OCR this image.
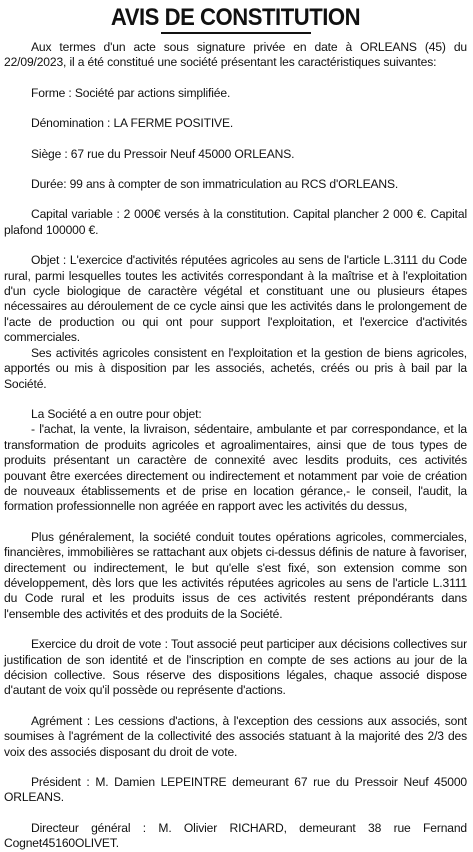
AVIS DE CONSTITUTION

Aux termes d'un acte sous signature privée en date à ORLEANS (45) du 22/09/2023, il a été constitué une société présentant les caractéristiques suivantes:

Forme : Société par actions simplifiée.

Dénomination : LA FERME POSITIVE.

Siège : 67 rue du Pressoir Neuf 45000 ORLEANS.

Durée: 99 ans à compter de son immatriculation au RCS d'ORLEANS.

Capital variable : 2 000€ versés à la constitution. Capital plancher 2 000 €. Capital plafond 100000 €.

Objet : L'exercice d'activités réputées agricoles au sens de l'article L.3111 du Code rural, parmi lesquelles toutes les activités correspondant à la maîtrise et à l'exploitation d'un cycle biologique de caractère végétal et constituant une ou plusieurs étapes nécessaires au déroulement de ce cycle ainsi que les activités dans le prolongement de l'acte de production ou qui ont pour support l'exploitation, et l'exercice d'activités commerciales.

Ses activités agricoles consistent en l'exploitation et la gestion de biens agricoles, apportés ou mis à disposition par les associés, achetés, créés ou pris à bail par la Société.

La Société a en outre pour objet:

- l'achat, la vente, la livraison, sédentaire, ambulante et par correspondance, et la transformation de produits agricoles et agroalimentaires, ainsi que de tous types de produits présentant un caractère de connexité avec lesdits produits, ces activités pouvant être exercées directement ou indirectement et notamment par voie de création de nouveaux établissements et de prise en location gérance,- le conseil, l'audit, la formation professionnelle non agréée en rapport avec les activités du dessus,

Plus généralement, la société conduit toutes opérations agricoles, commerciales, financières, immobilières se rattachant aux objets ci-dessus définis de nature à favoriser, directement ou indirectement, le but qu'elle s'est fixé, son extension comme son développement, dès lors que les activités réputées agricoles au sens de l'article L.3111 du Code rural et les produits issus de ces activités restent prépondérants dans l'ensemble des activités et des produits de la Société.

Exercice du droit de vote : Tout associé peut participer aux décisions collectives sur justification de son identité et de l'inscription en compte de ses actions au jour de la décision collective. Sous réserve des dispositions légales, chaque associé dispose d'autant de voix qu'il possède ou représente d'actions.

Agrément : Les cessions d'actions, à l'exception des cessions aux associés, sont soumises à l'agrément de la collectivité des associés statuant à la majorité des 2/3 des voix des associés disposant du droit de vote.

Président : M. Damien LEPEINTRE demeurant 67 rue du Pressoir Neuf 45000 ORLEANS.

Directeur général : M. Olivier RICHARD, demeurant 38 rue Fernand Cognet45160OLIVET.
